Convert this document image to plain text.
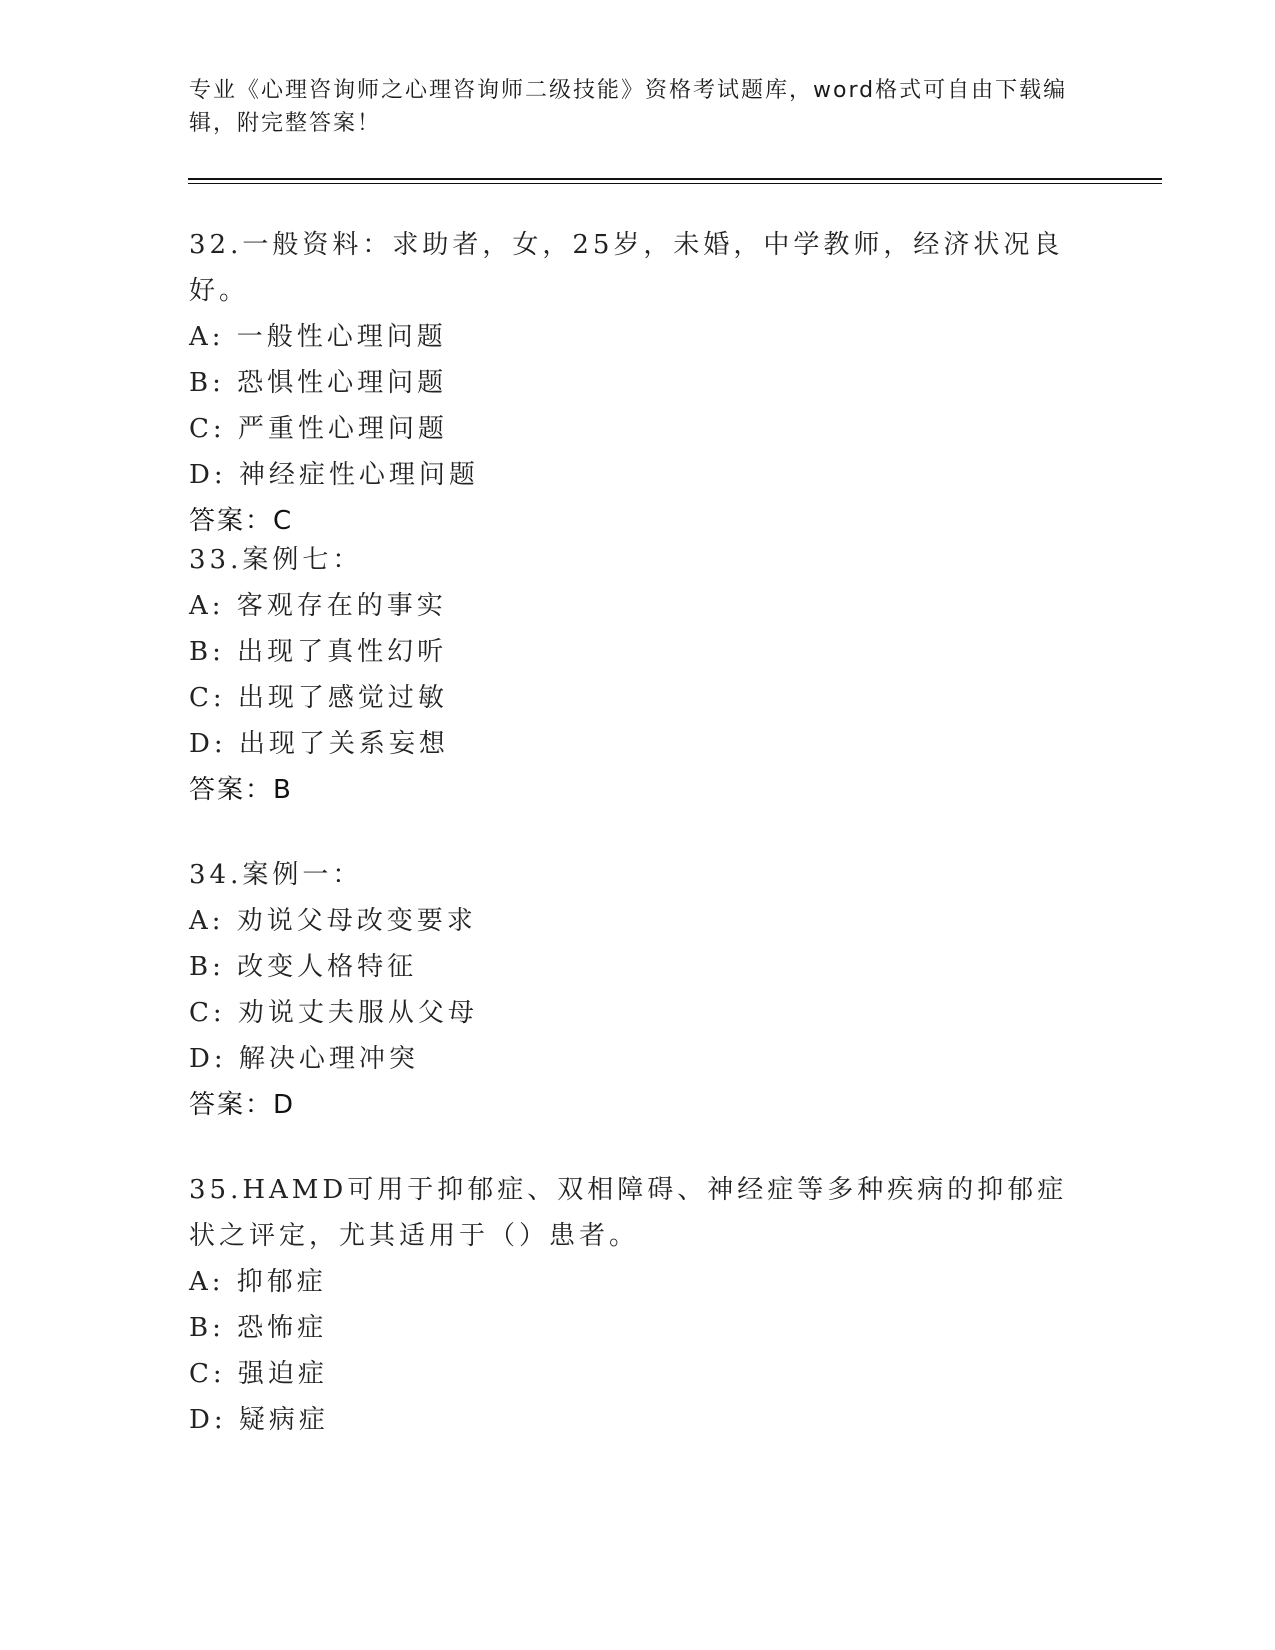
专业《心理咨询师之心理咨询师二级技能》资格考试题库，word格式可自由下载编辑，附完整答案！

32.一般资料：求助者，女，25岁，未婚，中学教师，经济状况良好。

A: 一般性心理问题

B: 恐惧性心理问题

C: 严重性心理问题

D: 神经症性心理问题

答案：C

33.案例七：

A: 客观存在的事实

B: 出现了真性幻听

C: 出现了感觉过敏

D: 出现了关系妄想

答案：B

34.案例一：

A: 劝说父母改变要求

B: 改变人格特征

C: 劝说丈夫服从父母

D: 解决心理冲突

答案：D

35.HAMD可用于抑郁症、双相障碍、神经症等多种疾病的抑郁症状之评定，尤其适用于（）患者。

A: 抑郁症

B: 恐怖症

C: 强迫症

D: 疑病症
